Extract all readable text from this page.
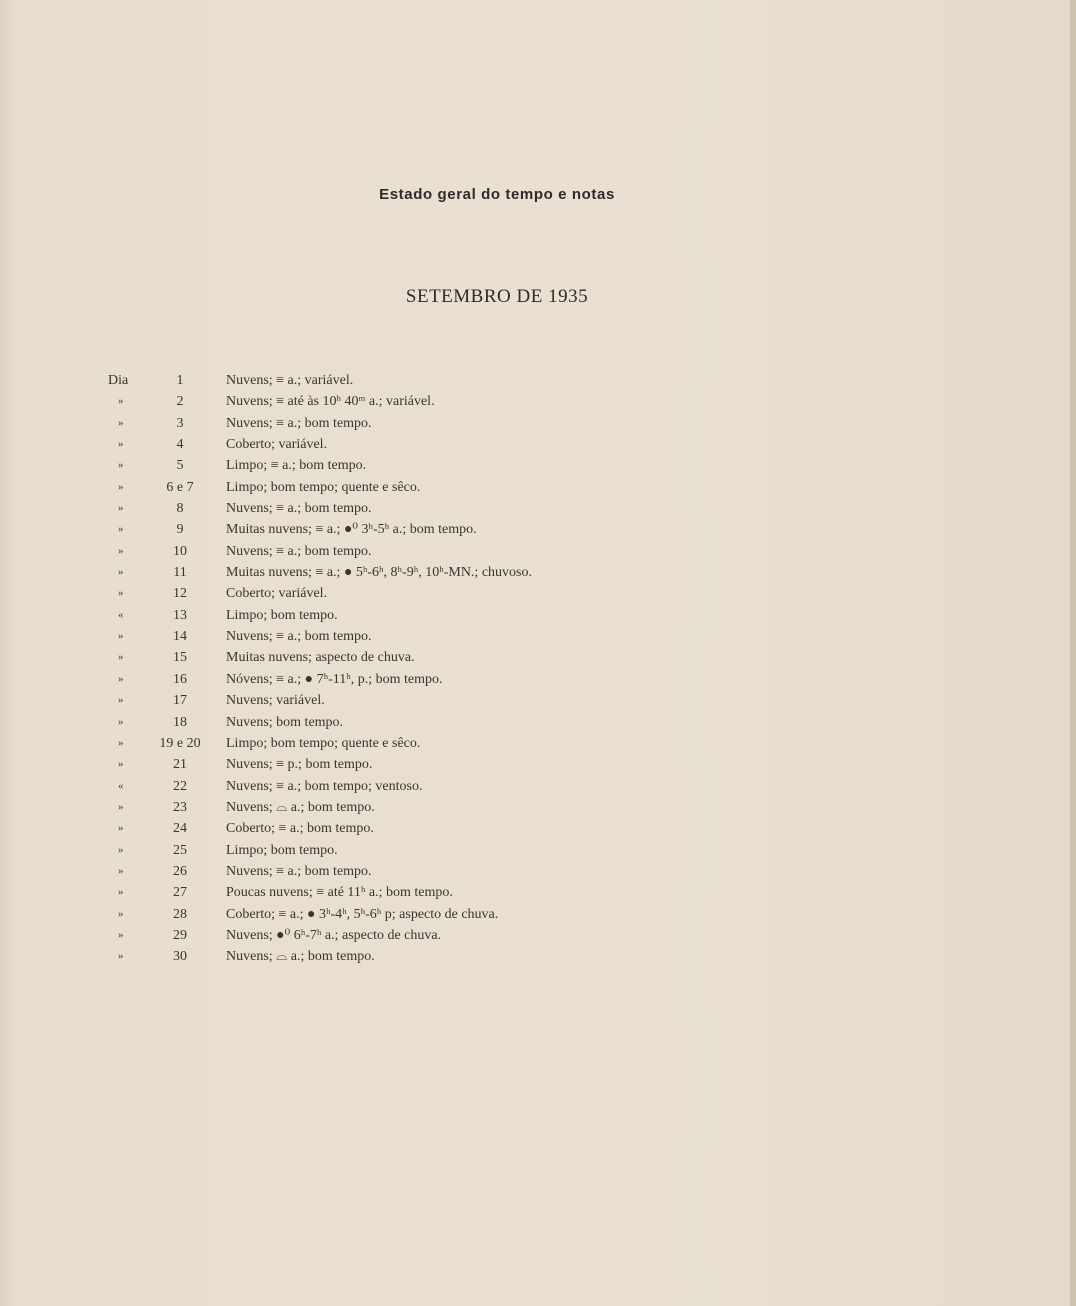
Estado geral do tempo e notas
SETEMBRO DE 1935
Dia	1	Nuvens; ≡ a.; variável.
»	2	Nuvens; ≡ até às 10ʰ 40ᵐ a.; variável.
»	3	Nuvens; ≡ a.; bom tempo.
»	4	Coberto; variável.
»	5	Limpo; ≡ a.; bom tempo.
»	6 e 7	Limpo; bom tempo; quente e sêco.
»	8	Nuvens; ≡ a.; bom tempo.
»	9	Muitas nuvens; ≡ a.; ●⁰ 3ʰ-5ʰ a.; bom tempo.
»	10	Nuvens; ≡ a.; bom tempo.
»	11	Muitas nuvens; ≡ a.; ● 5ʰ-6ʰ, 8ʰ-9ʰ, 10ʰ-MN.; chuvoso.
»	12	Coberto; variável.
«	13	Limpo; bom tempo.
»	14	Nuvens; ≡ a.; bom tempo.
»	15	Muitas nuvens; aspecto de chuva.
»	16	Nóvens; ≡ a.; ● 7ʰ-11ʰ, p.; bom tempo.
»	17	Nuvens; variável.
»	18	Nuvens; bom tempo.
»	19 e 20	Limpo; bom tempo; quente e sêco.
»	21	Nuvens; ≡ p.; bom tempo.
«	22	Nuvens; ≡ a.; bom tempo; ventoso.
»	23	Nuvens; ⌓ a.; bom tempo.
»	24	Coberto; ≡ a.; bom tempo.
»	25	Limpo; bom tempo.
»	26	Nuvens; ≡ a.; bom tempo.
»	27	Poucas nuvens; ≡ até 11ʰ a.; bom tempo.
»	28	Coberto; ≡ a.; ● 3ʰ-4ʰ, 5ʰ-6ʰ p; aspecto de chuva.
»	29	Nuvens; ●⁰ 6ʰ-7ʰ a.; aspecto de chuva.
»	30	Nuvens; ⌓ a.; bom tempo.
